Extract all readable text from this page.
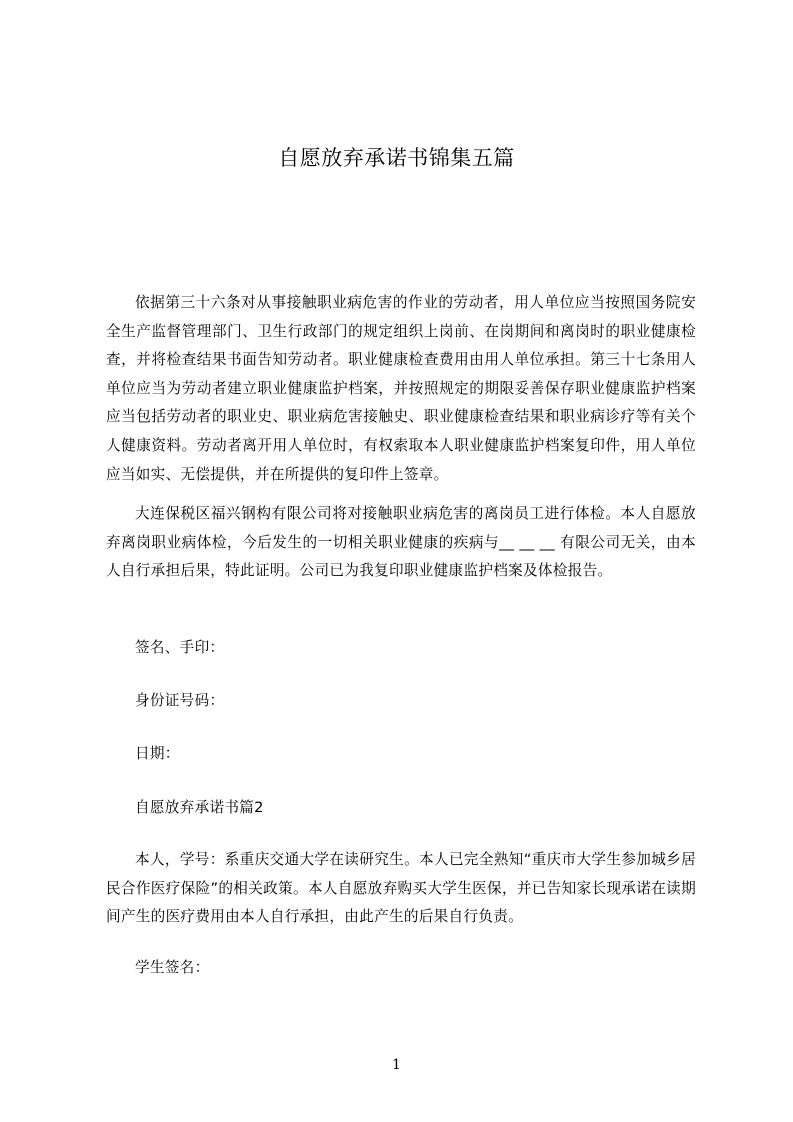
自愿放弃承诺书锦集五篇

依据第三十六条对从事接触职业病危害的作业的劳动者，用人单位应当按照国务院安全生产监督管理部门、卫生行政部门的规定组织上岗前、在岗期间和离岗时的职业健康检查，并将检查结果书面告知劳动者。职业健康检查费用由用人单位承担。第三十七条用人单位应当为劳动者建立职业健康监护档案，并按照规定的期限妥善保存职业健康监护档案应当包括劳动者的职业史、职业病危害接触史、职业健康检查结果和职业病诊疗等有关个人健康资料。劳动者离开用人单位时，有权索取本人职业健康监护档案复印件，用人单位应当如实、无偿提供，并在所提供的复印件上签章。

大连保税区福兴钢构有限公司将对接触职业病危害的离岗员工进行体检。本人自愿放弃离岗职业病体检，今后发生的一切相关职业健康的疾病与__ __ __ 有限公司无关，由本人自行承担后果，特此证明。公司已为我复印职业健康监护档案及体检报告。

签名、手印：

身份证号码：

日期：

自愿放弃承诺书篇2

本人，学号：系重庆交通大学在读研究生。本人已完全熟知“重庆市大学生参加城乡居民合作医疗保险”的相关政策。本人自愿放弃购买大学生医保，并已告知家长现承诺在读期间产生的医疗费用由本人自行承担，由此产生的后果自行负责。

学生签名：

1
